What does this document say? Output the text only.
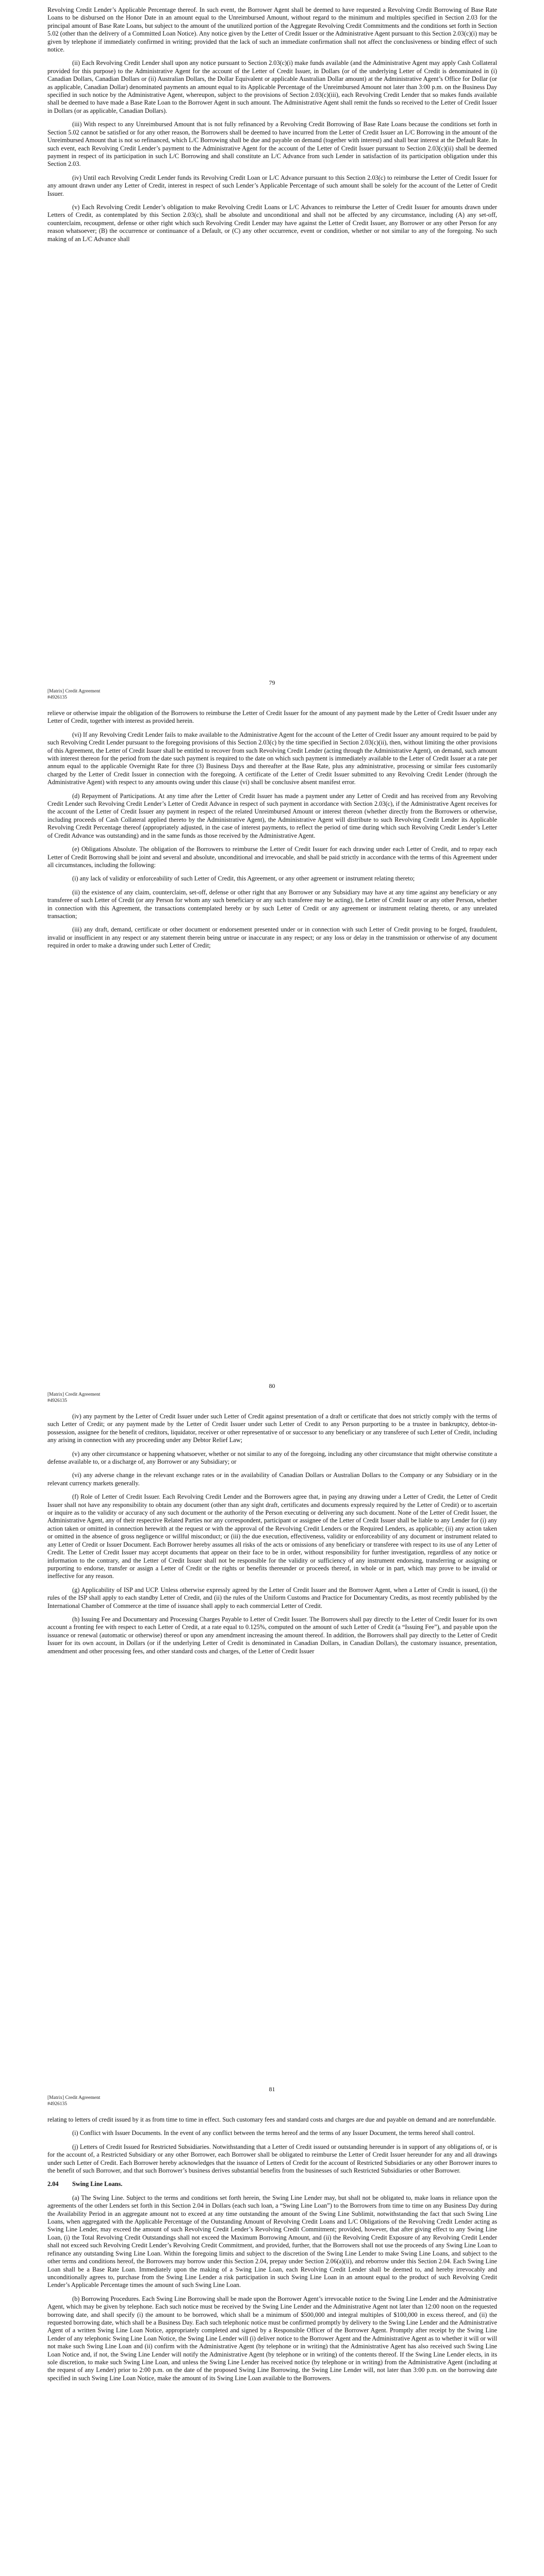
Revolving Credit Lender’s Applicable Percentage thereof. In such event, the Borrower Agent shall be deemed to have requested a Revolving Credit Borrowing of Base Rate Loans to be disbursed on the Honor Date in an amount equal to the Unreimbursed Amount, without regard to the minimum and multiples specified in Section 2.03 for the principal amount of Base Rate Loans, but subject to the amount of the unutilized portion of the Aggregate Revolving Credit Commitments and the conditions set forth in Section 5.02 (other than the delivery of a Committed Loan Notice). Any notice given by the Letter of Credit Issuer or the Administrative Agent pursuant to this Section 2.03(c)(i) may be given by telephone if immediately confirmed in writing; provided that the lack of such an immediate confirmation shall not affect the conclusiveness or binding effect of such notice.

(ii) Each Revolving Credit Lender shall upon any notice pursuant to Section 2.03(c)(i) make funds available (and the Administrative Agent may apply Cash Collateral provided for this purpose) to the Administrative Agent for the account of the Letter of Credit Issuer, in Dollars (or of the underlying Letter of Credit is denominated in (i) Canadian Dollars, Canadian Dollars or (ii) Australian Dollars, the Dollar Equivalent or applicable Australian Dollar amount) at the Administrative Agent’s Office for Dollar (or as applicable, Canadian Dollar) denominated payments an amount equal to its Applicable Percentage of the Unreimbursed Amount not later than 3:00 p.m. on the Business Day specified in such notice by the Administrative Agent, whereupon, subject to the provisions of Section 2.03(c)(iii), each Revolving Credit Lender that so makes funds available shall be deemed to have made a Base Rate Loan to the Borrower Agent in such amount. The Administrative Agent shall remit the funds so received to the Letter of Credit Issuer in Dollars (or as applicable, Canadian Dollars).

(iii) With respect to any Unreimbursed Amount that is not fully refinanced by a Revolving Credit Borrowing of Base Rate Loans because the conditions set forth in Section 5.02 cannot be satisfied or for any other reason, the Borrowers shall be deemed to have incurred from the Letter of Credit Issuer an L/C Borrowing in the amount of the Unreimbursed Amount that is not so refinanced, which L/C Borrowing shall be due and payable on demand (together with interest) and shall bear interest at the Default Rate. In such event, each Revolving Credit Lender’s payment to the Administrative Agent for the account of the Letter of Credit Issuer pursuant to Section 2.03(c)(ii) shall be deemed payment in respect of its participation in such L/C Borrowing and shall constitute an L/C Advance from such Lender in satisfaction of its participation obligation under this Section 2.03.

(iv) Until each Revolving Credit Lender funds its Revolving Credit Loan or L/C Advance pursuant to this Section 2.03(c) to reimburse the Letter of Credit Issuer for any amount drawn under any Letter of Credit, interest in respect of such Lender’s Applicable Percentage of such amount shall be solely for the account of the Letter of Credit Issuer.

(v) Each Revolving Credit Lender’s obligation to make Revolving Credit Loans or L/C Advances to reimburse the Letter of Credit Issuer for amounts drawn under Letters of Credit, as contemplated by this Section 2.03(c), shall be absolute and unconditional and shall not be affected by any circumstance, including (A) any set-off, counterclaim, recoupment, defense or other right which such Revolving Credit Lender may have against the Letter of Credit Issuer, any Borrower or any other Person for any reason whatsoever; (B) the occurrence or continuance of a Default, or (C) any other occurrence, event or condition, whether or not similar to any of the foregoing. No such making of an L/C Advance shall

79
[Matrix] Credit Agreement
#4926135

relieve or otherwise impair the obligation of the Borrowers to reimburse the Letter of Credit Issuer for the amount of any payment made by the Letter of Credit Issuer under any Letter of Credit, together with interest as provided herein.

(vi) If any Revolving Credit Lender fails to make available to the Administrative Agent for the account of the Letter of Credit Issuer any amount required to be paid by such Revolving Credit Lender pursuant to the foregoing provisions of this Section 2.03(c) by the time specified in Section 2.03(c)(ii), then, without limiting the other provisions of this Agreement, the Letter of Credit Issuer shall be entitled to recover from such Revolving Credit Lender (acting through the Administrative Agent), on demand, such amount with interest thereon for the period from the date such payment is required to the date on which such payment is immediately available to the Letter of Credit Issuer at a rate per annum equal to the applicable Overnight Rate for three (3) Business Days and thereafter at the Base Rate, plus any administrative, processing or similar fees customarily charged by the Letter of Credit Issuer in connection with the foregoing. A certificate of the Letter of Credit Issuer submitted to any Revolving Credit Lender (through the Administrative Agent) with respect to any amounts owing under this clause (vi) shall be conclusive absent manifest error.

(d) Repayment of Participations. At any time after the Letter of Credit Issuer has made a payment under any Letter of Credit and has received from any Revolving Credit Lender such Revolving Credit Lender’s Letter of Credit Advance in respect of such payment in accordance with Section 2.03(c), if the Administrative Agent receives for the account of the Letter of Credit Issuer any payment in respect of the related Unreimbursed Amount or interest thereon (whether directly from the Borrowers or otherwise, including proceeds of Cash Collateral applied thereto by the Administrative Agent), the Administrative Agent will distribute to such Revolving Credit Lender its Applicable Revolving Credit Percentage thereof (appropriately adjusted, in the case of interest payments, to reflect the period of time during which such Revolving Credit Lender’s Letter of Credit Advance was outstanding) and in the same funds as those received by the Administrative Agent.

(e) Obligations Absolute. The obligation of the Borrowers to reimburse the Letter of Credit Issuer for each drawing under each Letter of Credit, and to repay each Letter of Credit Borrowing shall be joint and several and absolute, unconditional and irrevocable, and shall be paid strictly in accordance with the terms of this Agreement under all circumstances, including the following:

(i) any lack of validity or enforceability of such Letter of Credit, this Agreement, or any other agreement or instrument relating thereto;

(ii) the existence of any claim, counterclaim, set-off, defense or other right that any Borrower or any Subsidiary may have at any time against any beneficiary or any transferee of such Letter of Credit (or any Person for whom any such beneficiary or any such transferee may be acting), the Letter of Credit Issuer or any other Person, whether in connection with this Agreement, the transactions contemplated hereby or by such Letter of Credit or any agreement or instrument relating thereto, or any unrelated transaction;

(iii) any draft, demand, certificate or other document or endorsement presented under or in connection with such Letter of Credit proving to be forged, fraudulent, invalid or insufficient in any respect or any statement therein being untrue or inaccurate in any respect; or any loss or delay in the transmission or otherwise of any document required in order to make a drawing under such Letter of Credit;

80
[Matrix] Credit Agreement
#4926135

(iv) any payment by the Letter of Credit Issuer under such Letter of Credit against presentation of a draft or certificate that does not strictly comply with the terms of such Letter of Credit; or any payment made by the Letter of Credit Issuer under such Letter of Credit to any Person purporting to be a trustee in bankruptcy, debtor-in-possession, assignee for the benefit of creditors, liquidator, receiver or other representative of or successor to any beneficiary or any transferee of such Letter of Credit, including any arising in connection with any proceeding under any Debtor Relief Law;

(v) any other circumstance or happening whatsoever, whether or not similar to any of the foregoing, including any other circumstance that might otherwise constitute a defense available to, or a discharge of, any Borrower or any Subsidiary; or

(vi) any adverse change in the relevant exchange rates or in the availability of Canadian Dollars or Australian Dollars to the Company or any Subsidiary or in the relevant currency markets generally.

(f) Role of Letter of Credit Issuer. Each Revolving Credit Lender and the Borrowers agree that, in paying any drawing under a Letter of Credit, the Letter of Credit Issuer shall not have any responsibility to obtain any document (other than any sight draft, certificates and documents expressly required by the Letter of Credit) or to ascertain or inquire as to the validity or accuracy of any such document or the authority of the Person executing or delivering any such document. None of the Letter of Credit Issuer, the Administrative Agent, any of their respective Related Parties nor any correspondent, participant or assignee of the Letter of Credit Issuer shall be liable to any Lender for (i) any action taken or omitted in connection herewith at the request or with the approval of the Revolving Credit Lenders or the Required Lenders, as applicable; (ii) any action taken or omitted in the absence of gross negligence or willful misconduct; or (iii) the due execution, effectiveness, validity or enforceability of any document or instrument related to any Letter of Credit or Issuer Document. Each Borrower hereby assumes all risks of the acts or omissions of any beneficiary or transferee with respect to its use of any Letter of Credit. The Letter of Credit Issuer may accept documents that appear on their face to be in order, without responsibility for further investigation, regardless of any notice or information to the contrary, and the Letter of Credit Issuer shall not be responsible for the validity or sufficiency of any instrument endorsing, transferring or assigning or purporting to endorse, transfer or assign a Letter of Credit or the rights or benefits thereunder or proceeds thereof, in whole or in part, which may prove to be invalid or ineffective for any reason.

(g) Applicability of ISP and UCP. Unless otherwise expressly agreed by the Letter of Credit Issuer and the Borrower Agent, when a Letter of Credit is issued, (i) the rules of the ISP shall apply to each standby Letter of Credit, and (ii) the rules of the Uniform Customs and Practice for Documentary Credits, as most recently published by the International Chamber of Commerce at the time of issuance shall apply to each commercial Letter of Credit.

(h) Issuing Fee and Documentary and Processing Charges Payable to Letter of Credit Issuer. The Borrowers shall pay directly to the Letter of Credit Issuer for its own account a fronting fee with respect to each Letter of Credit, at a rate equal to 0.125%, computed on the amount of such Letter of Credit (a “Issuing Fee”), and payable upon the issuance or renewal (automatic or otherwise) thereof or upon any amendment increasing the amount thereof. In addition, the Borrowers shall pay directly to the Letter of Credit Issuer for its own account, in Dollars (or if the underlying Letter of Credit is denominated in Canadian Dollars, in Canadian Dollars), the customary issuance, presentation, amendment and other processing fees, and other standard costs and charges, of the Letter of Credit Issuer

81
[Matrix] Credit Agreement
#4926135

relating to letters of credit issued by it as from time to time in effect. Such customary fees and standard costs and charges are due and payable on demand and are nonrefundable.

(i) Conflict with Issuer Documents. In the event of any conflict between the terms hereof and the terms of any Issuer Document, the terms hereof shall control.

(j) Letters of Credit Issued for Restricted Subsidiaries. Notwithstanding that a Letter of Credit issued or outstanding hereunder is in support of any obligations of, or is for the account of, a Restricted Subsidiary or any other Borrower, each Borrower shall be obligated to reimburse the Letter of Credit Issuer hereunder for any and all drawings under such Letter of Credit. Each Borrower hereby acknowledges that the issuance of Letters of Credit for the account of Restricted Subsidiaries or any other Borrower inures to the benefit of such Borrower, and that such Borrower’s business derives substantial benefits from the businesses of such Restricted Subsidiaries or other Borrower.

2.04 Swing Line Loans.

(a) The Swing Line. Subject to the terms and conditions set forth herein, the Swing Line Lender may, but shall not be obligated to, make loans in reliance upon the agreements of the other Lenders set forth in this Section 2.04 in Dollars (each such loan, a “Swing Line Loan”) to the Borrowers from time to time on any Business Day during the Availability Period in an aggregate amount not to exceed at any time outstanding the amount of the Swing Line Sublimit, notwithstanding the fact that such Swing Line Loans, when aggregated with the Applicable Percentage of the Outstanding Amount of Revolving Credit Loans and L/C Obligations of the Revolving Credit Lender acting as Swing Line Lender, may exceed the amount of such Revolving Credit Lender’s Revolving Credit Commitment; provided, however, that after giving effect to any Swing Line Loan, (i) the Total Revolving Credit Outstandings shall not exceed the Maximum Borrowing Amount, and (ii) the Revolving Credit Exposure of any Revolving Credit Lender shall not exceed such Revolving Credit Lender’s Revolving Credit Commitment, and provided, further, that the Borrowers shall not use the proceeds of any Swing Line Loan to refinance any outstanding Swing Line Loan. Within the foregoing limits and subject to the discretion of the Swing Line Lender to make Swing Line Loans, and subject to the other terms and conditions hereof, the Borrowers may borrow under this Section 2.04, prepay under Section 2.06(a)(ii), and reborrow under this Section 2.04. Each Swing Line Loan shall be a Base Rate Loan. Immediately upon the making of a Swing Line Loan, each Revolving Credit Lender shall be deemed to, and hereby irrevocably and unconditionally agrees to, purchase from the Swing Line Lender a risk participation in such Swing Line Loan in an amount equal to the product of such Revolving Credit Lender’s Applicable Percentage times the amount of such Swing Line Loan.

(b) Borrowing Procedures. Each Swing Line Borrowing shall be made upon the Borrower Agent’s irrevocable notice to the Swing Line Lender and the Administrative Agent, which may be given by telephone. Each such notice must be received by the Swing Line Lender and the Administrative Agent not later than 12:00 noon on the requested borrowing date, and shall specify (i) the amount to be borrowed, which shall be a minimum of $500,000 and integral multiples of $100,000 in excess thereof, and (ii) the requested borrowing date, which shall be a Business Day. Each such telephonic notice must be confirmed promptly by delivery to the Swing Line Lender and the Administrative Agent of a written Swing Line Loan Notice, appropriately completed and signed by a Responsible Officer of the Borrower Agent. Promptly after receipt by the Swing Line Lender of any telephonic Swing Line Loan Notice, the Swing Line Lender will (i) deliver notice to the Borrower Agent and the Administrative Agent as to whether it will or will not make such Swing Line Loan and (ii) confirm with the Administrative Agent (by telephone or in writing) that the Administrative Agent has also received such Swing Line Loan Notice and, if not, the Swing Line Lender will notify the Administrative Agent (by telephone or in writing) of the contents thereof. If the Swing Line Lender elects, in its sole discretion, to make such Swing Line Loan, and unless the Swing Line Lender has received notice (by telephone or in writing) from the Administrative Agent (including at the request of any Lender) prior to 2:00 p.m. on the date of the proposed Swing Line Borrowing, the Swing Line Lender will, not later than 3:00 p.m. on the borrowing date specified in such Swing Line Loan Notice, make the amount of its Swing Line Loan available to the Borrowers.
